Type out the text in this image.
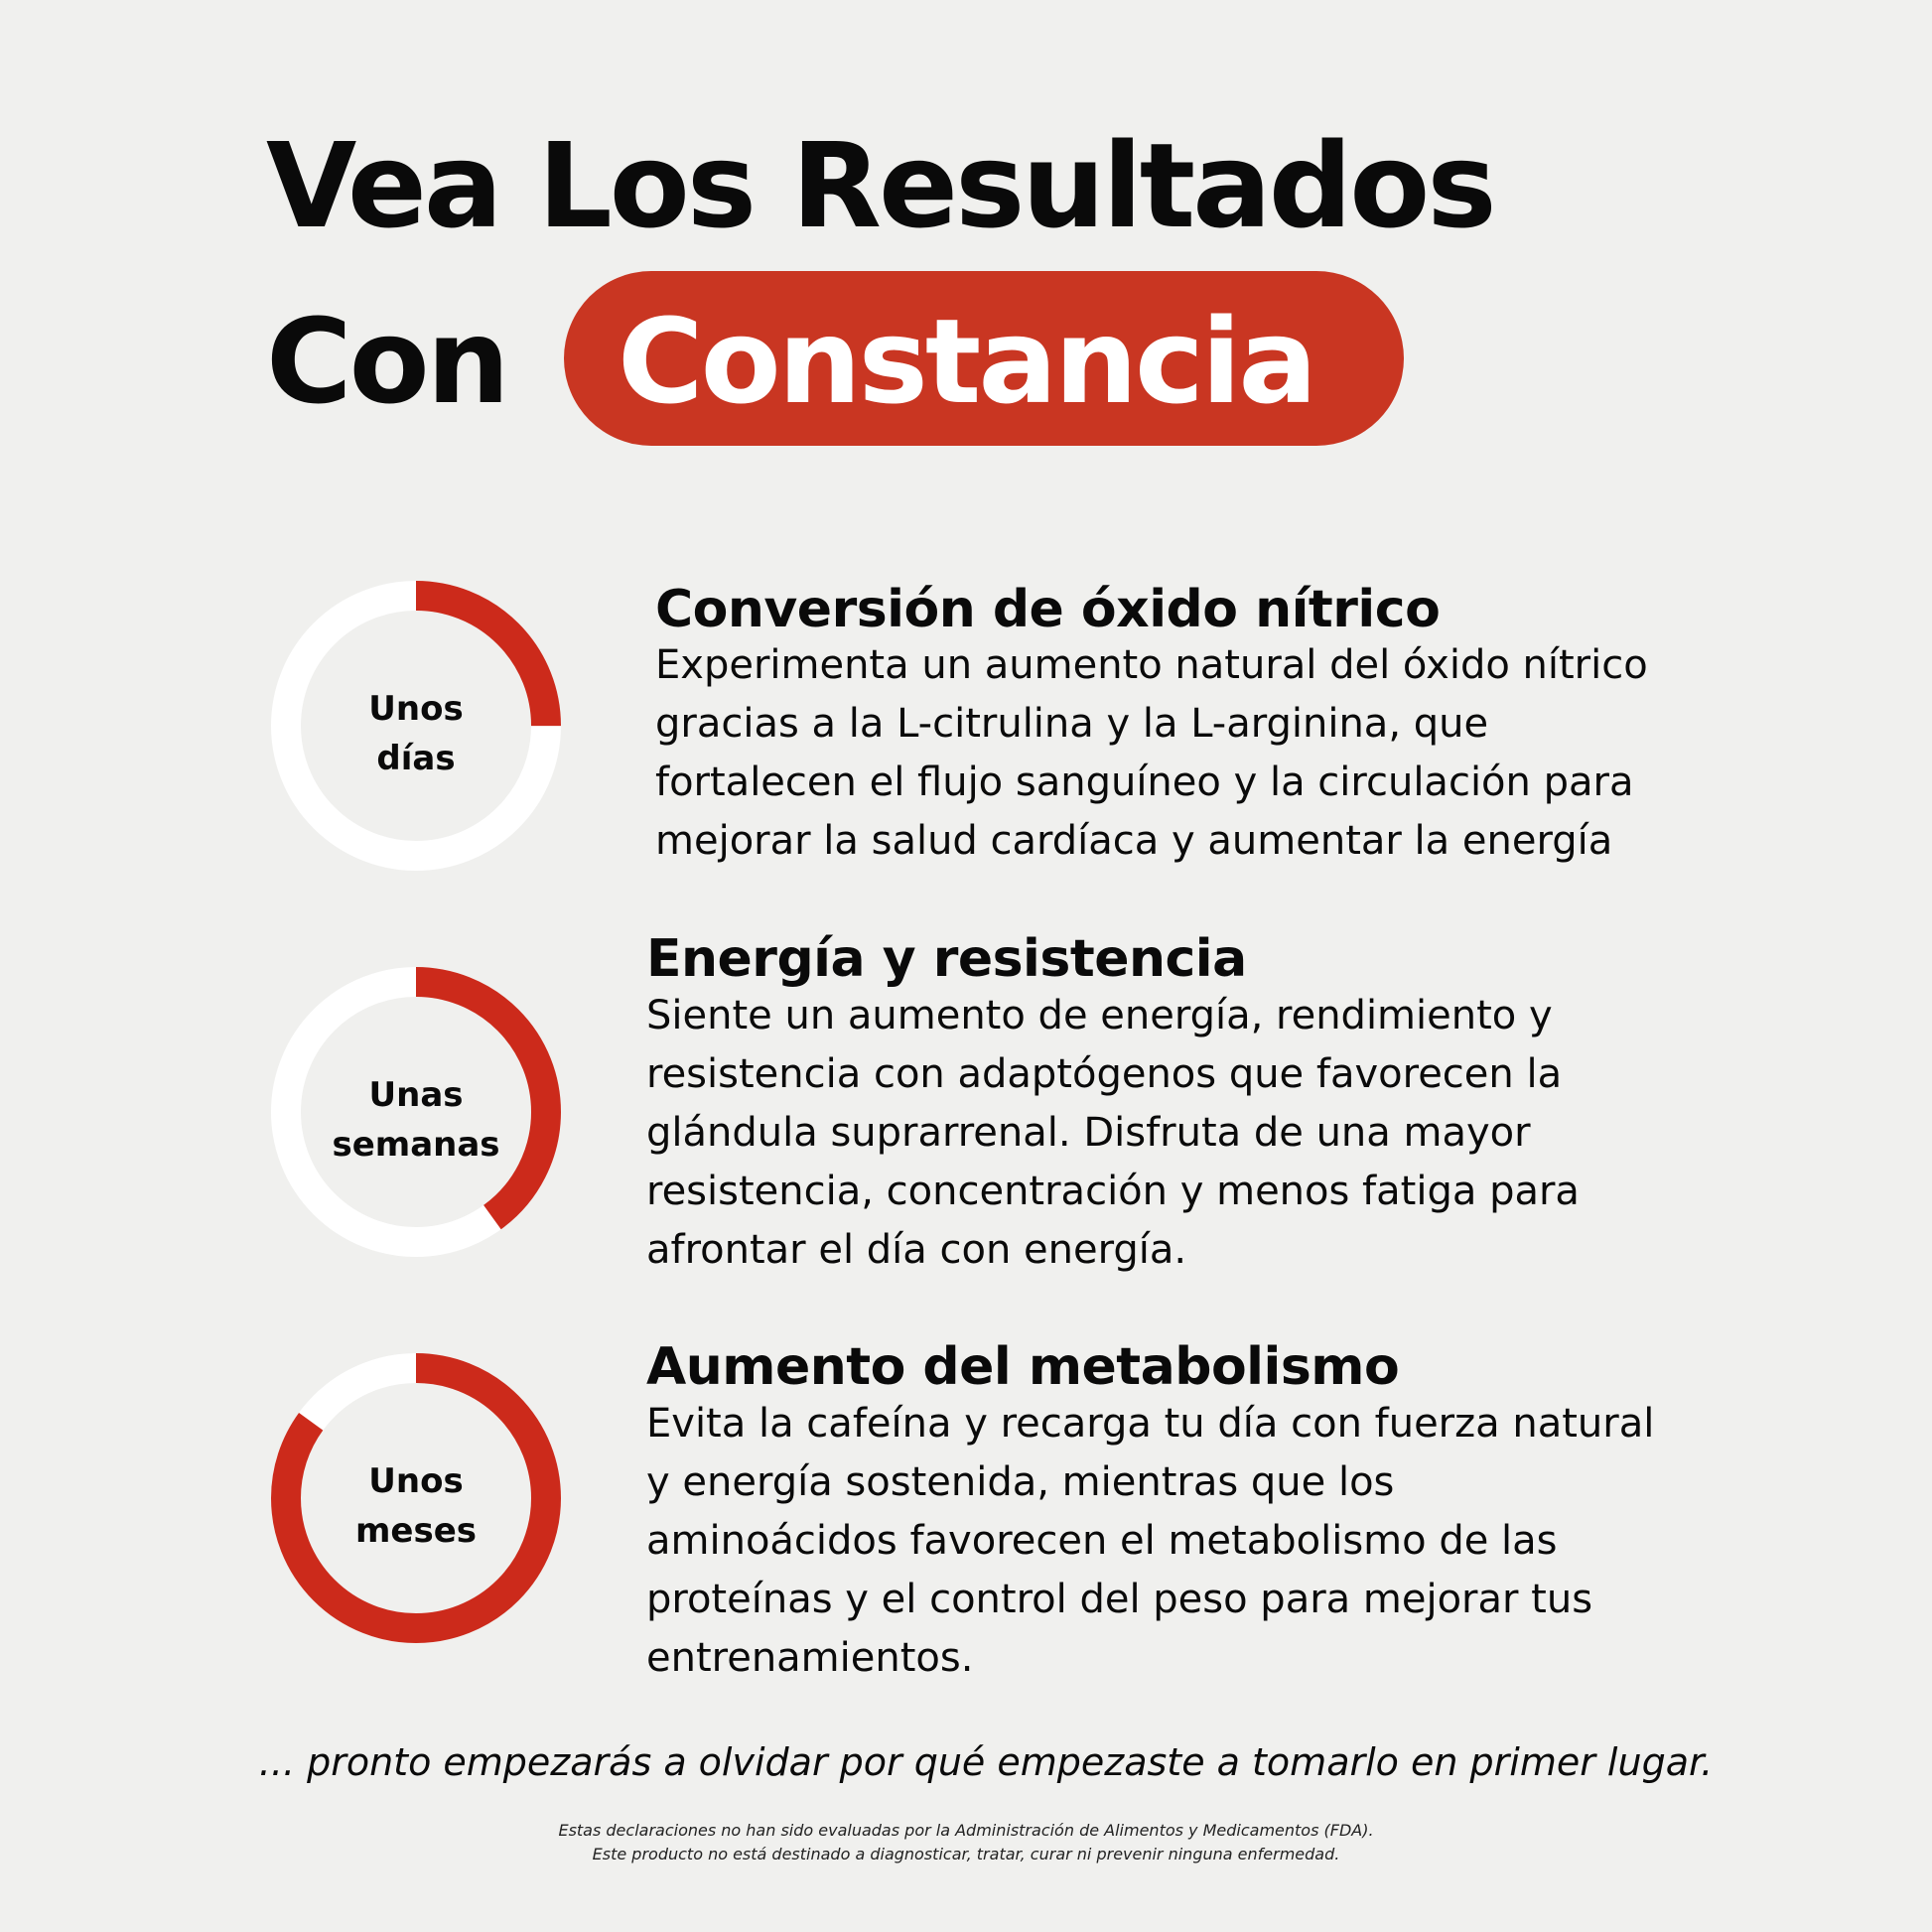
Vea Los Resultados
Con Constancia
Unos
días
Conversión de óxido nítrico
Experimenta un aumento natural del óxido nítrico
gracias a la L-citrulina y la L-arginina, que
fortalecen el flujo sanguíneo y la circulación para
mejorar la salud cardíaca y aumentar la energía
Unas
semanas
Energía y resistencia
Siente un aumento de energía, rendimiento y
resistencia con adaptógenos que favorecen la
glándula suprarrenal. Disfruta de una mayor
resistencia, concentración y menos fatiga para
afrontar el día con energía.
Unos
meses
Aumento del metabolismo
Evita la cafeína y recarga tu día con fuerza natural
y energía sostenida, mientras que los
aminoácidos favorecen el metabolismo de las
proteínas y el control del peso para mejorar tus
entrenamientos.
... pronto empezarás a olvidar por qué empezaste a tomarlo en primer lugar.
Estas declaraciones no han sido evaluadas por la Administración de Alimentos y Medicamentos (FDA).
Este producto no está destinado a diagnosticar, tratar, curar ni prevenir ninguna enfermedad.
